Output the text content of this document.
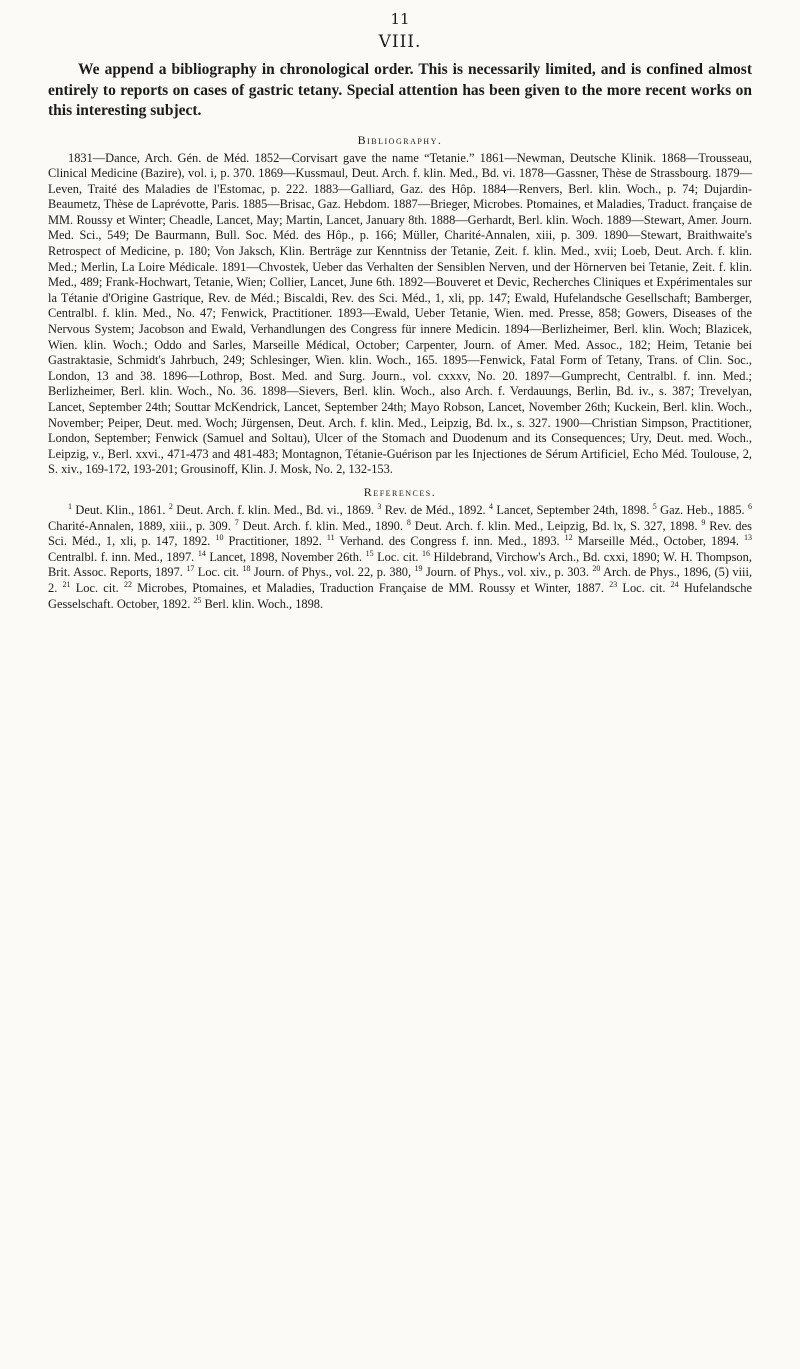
11
VIII.

We append a bibliography in chronological order. This is necessarily limited, and is confined almost entirely to reports on cases of gastric tetany. Special attention has been given to the more recent works on this interesting subject.

Bibliography.

1831—Dance, Arch. Gén. de Méd. 1852—Corvisart gave the name “Tetanie.” 1861—Newman, Deutsche Klinik. 1868—Trousseau, Clinical Medicine (Bazire), vol. i, p. 370. 1869—Kussmaul, Deut. Arch. f. klin. Med., Bd. vi. 1878—Gassner, Thèse de Strassbourg. 1879—Leven, Traité des Maladies de l'Estomac, p. 222. 1883—Galliard, Gaz. des Hôp. 1884—Renvers, Berl. klin. Woch., p. 74; Dujardin-Beaumetz, Thèse de Laprévotte, Paris. 1885—Brisac, Gaz. Hebdom. 1887—Brieger, Microbes. Ptomaines, et Maladies, Traduct. française de MM. Roussy et Winter; Cheadle, Lancet, May; Martin, Lancet, January 8th. 1888—Gerhardt, Berl. klin. Woch. 1889—Stewart, Amer. Journ. Med. Sci., 549; De Baurmann, Bull. Soc. Méd. des Hôp., p. 166; Müller, Charité-Annalen, xiii, p. 309. 1890—Stewart, Braithwaite's Retrospect of Medicine, p. 180; Von Jaksch, Klin. Berträge zur Kenntniss der Tetanie, Zeit. f. klin. Med., xvii; Loeb, Deut. Arch. f. klin. Med.; Merlin, La Loire Médicale. 1891—Chvostek, Ueber das Verhalten der Sensiblen Nerven, und der Hörnerven bei Tetanie, Zeit. f. klin. Med., 489; Frank-Hochwart, Tetanie, Wien; Collier, Lancet, June 6th. 1892—Bouveret et Devic, Recherches Cliniques et Expérimentales sur la Tétanie d'Origine Gastrique, Rev. de Méd.; Biscaldi, Rev. des Sci. Méd., 1, xli, pp. 147; Ewald, Hufelandsche Gesellschaft; Bamberger, Centralbl. f. klin. Med., No. 47; Fenwick, Practitioner. 1893—Ewald, Ueber Tetanie, Wien. med. Presse, 858; Gowers, Diseases of the Nervous System; Jacobson and Ewald, Verhandlungen des Congress für innere Medicin. 1894—Berlizheimer, Berl. klin. Woch; Blazicek, Wien. klin. Woch.; Oddo and Sarles, Marseille Médical, October; Carpenter, Journ. of Amer. Med. Assoc., 182; Heim, Tetanie bei Gastraktasie, Schmidt's Jahrbuch, 249; Schlesinger, Wien. klin. Woch., 165. 1895—Fenwick, Fatal Form of Tetany, Trans. of Clin. Soc., London, 13 and 38. 1896—Lothrop, Bost. Med. and Surg. Journ., vol. cxxxv, No. 20. 1897—Gumprecht, Centralbl. f. inn. Med.; Berlizheimer, Berl. klin. Woch., No. 36. 1898—Sievers, Berl. klin. Woch., also Arch. f. Verdauungs, Berlin, Bd. iv., s. 387; Trevelyan, Lancet, September 24th; Souttar McKendrick, Lancet, September 24th; Mayo Robson, Lancet, November 26th; Kuckein, Berl. klin. Woch., November; Peiper, Deut. med. Woch; Jürgensen, Deut. Arch. f. klin. Med., Leipzig, Bd. lx., s. 327. 1900—Christian Simpson, Practitioner, London, September; Fenwick (Samuel and Soltau), Ulcer of the Stomach and Duodenum and its Consequences; Ury, Deut. med. Woch., Leipzig, v., Berl. xxvi., 471-473 and 481-483; Montagnon, Tétanie-Guérison par les Injectiones de Sérum Artificiel, Echo Méd. Toulouse, 2, S. xiv., 169-172, 193-201; Grousinoff, Klin. J. Mosk, No. 2, 132-153.

References.

$^1$ Deut. Klin., 1861. $^2$ Deut. Arch. f. klin. Med., Bd. vi., 1869. $^3$ Rev. de Méd., 1892. $^4$ Lancet, September 24th, 1898. $^5$ Gaz. Heb., 1885. $^6$ Charité-Annalen, 1889, xiii., p. 309. $^7$ Deut. Arch. f. klin. Med., 1890. $^8$ Deut. Arch. f. klin. Med., Leipzig, Bd. lx, S. 327, 1898. $^9$ Rev. des Sci. Méd., 1, xli, p. 147, 1892. $^{10}$ Practitioner, 1892. $^{11}$ Verhand. des Congress f. inn. Med., 1893. $^{12}$ Marseille Méd., October, 1894. $^{13}$ Centralbl. f. inn. Med., 1897. $^{14}$ Lancet, 1898, November 26th. $^{15}$ Loc. cit. $^{16}$ Hildebrand, Virchow's Arch., Bd. cxxi, 1890; W. H. Thompson, Brit. Assoc. Reports, 1897. $^{17}$ Loc. cit. $^{18}$ Journ. of Phys., vol. 22, p. 380, $^{19}$ Journ. of Phys., vol. xiv., p. 303. $^{20}$ Arch. de Phys., 1896, (5) viii, 2. $^{21}$ Loc. cit. $^{22}$ Microbes, Ptomaines, et Maladies, Traduction Française de MM. Roussy et Winter, 1887. $^{23}$ Loc. cit. $^{24}$ Hufelandsche Gesselschaft. October, 1892. $^{25}$ Berl. klin. Woch., 1898.
